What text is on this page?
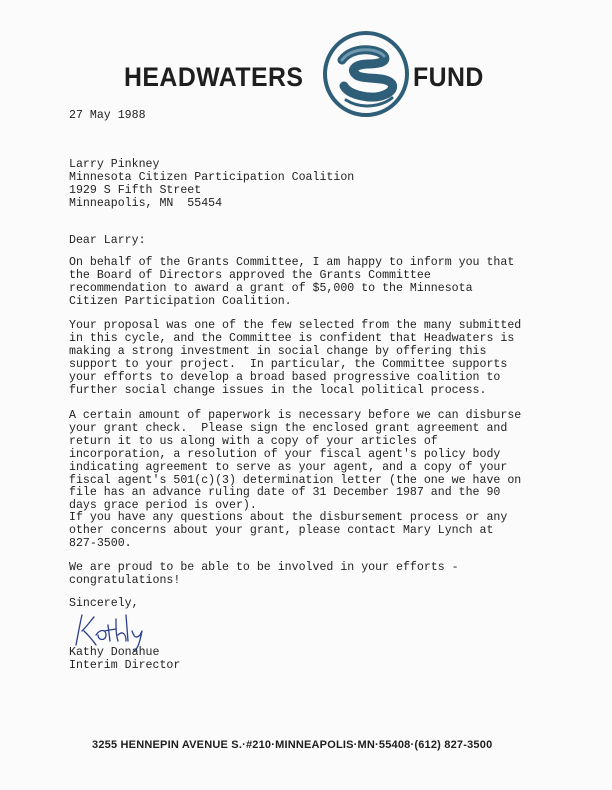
HEADWATERS	FUND
27 May 1988
Larry Pinkney
Minnesota Citizen Participation Coalition
1929 S Fifth Street
Minneapolis, MN  55454
Dear Larry:
On behalf of the Grants Committee, I am happy to inform you that
the Board of Directors approved the Grants Committee
recommendation to award a grant of $5,000 to the Minnesota
Citizen Participation Coalition.
Your proposal was one of the few selected from the many submitted
in this cycle, and the Committee is confident that Headwaters is
making a strong investment in social change by offering this
support to your project.  In particular, the Committee supports
your efforts to develop a broad based progressive coalition to
further social change issues in the local political process.
A certain amount of paperwork is necessary before we can disburse
your grant check.  Please sign the enclosed grant agreement and
return it to us along with a copy of your articles of
incorporation, a resolution of your fiscal agent's policy body
indicating agreement to serve as your agent, and a copy of your
fiscal agent's 501(c)(3) determination letter (the one we have on
file has an advance ruling date of 31 December 1987 and the 90
days grace period is over).
If you have any questions about the disbursement process or any
other concerns about your grant, please contact Mary Lynch at
827-3500.
We are proud to be able to be involved in your efforts -
congratulations!
Sincerely,
Kathy Donahue
Interim Director
3255 HENNEPIN AVENUE S.·#210·MINNEAPOLIS·MN·55408·(612) 827-3500
